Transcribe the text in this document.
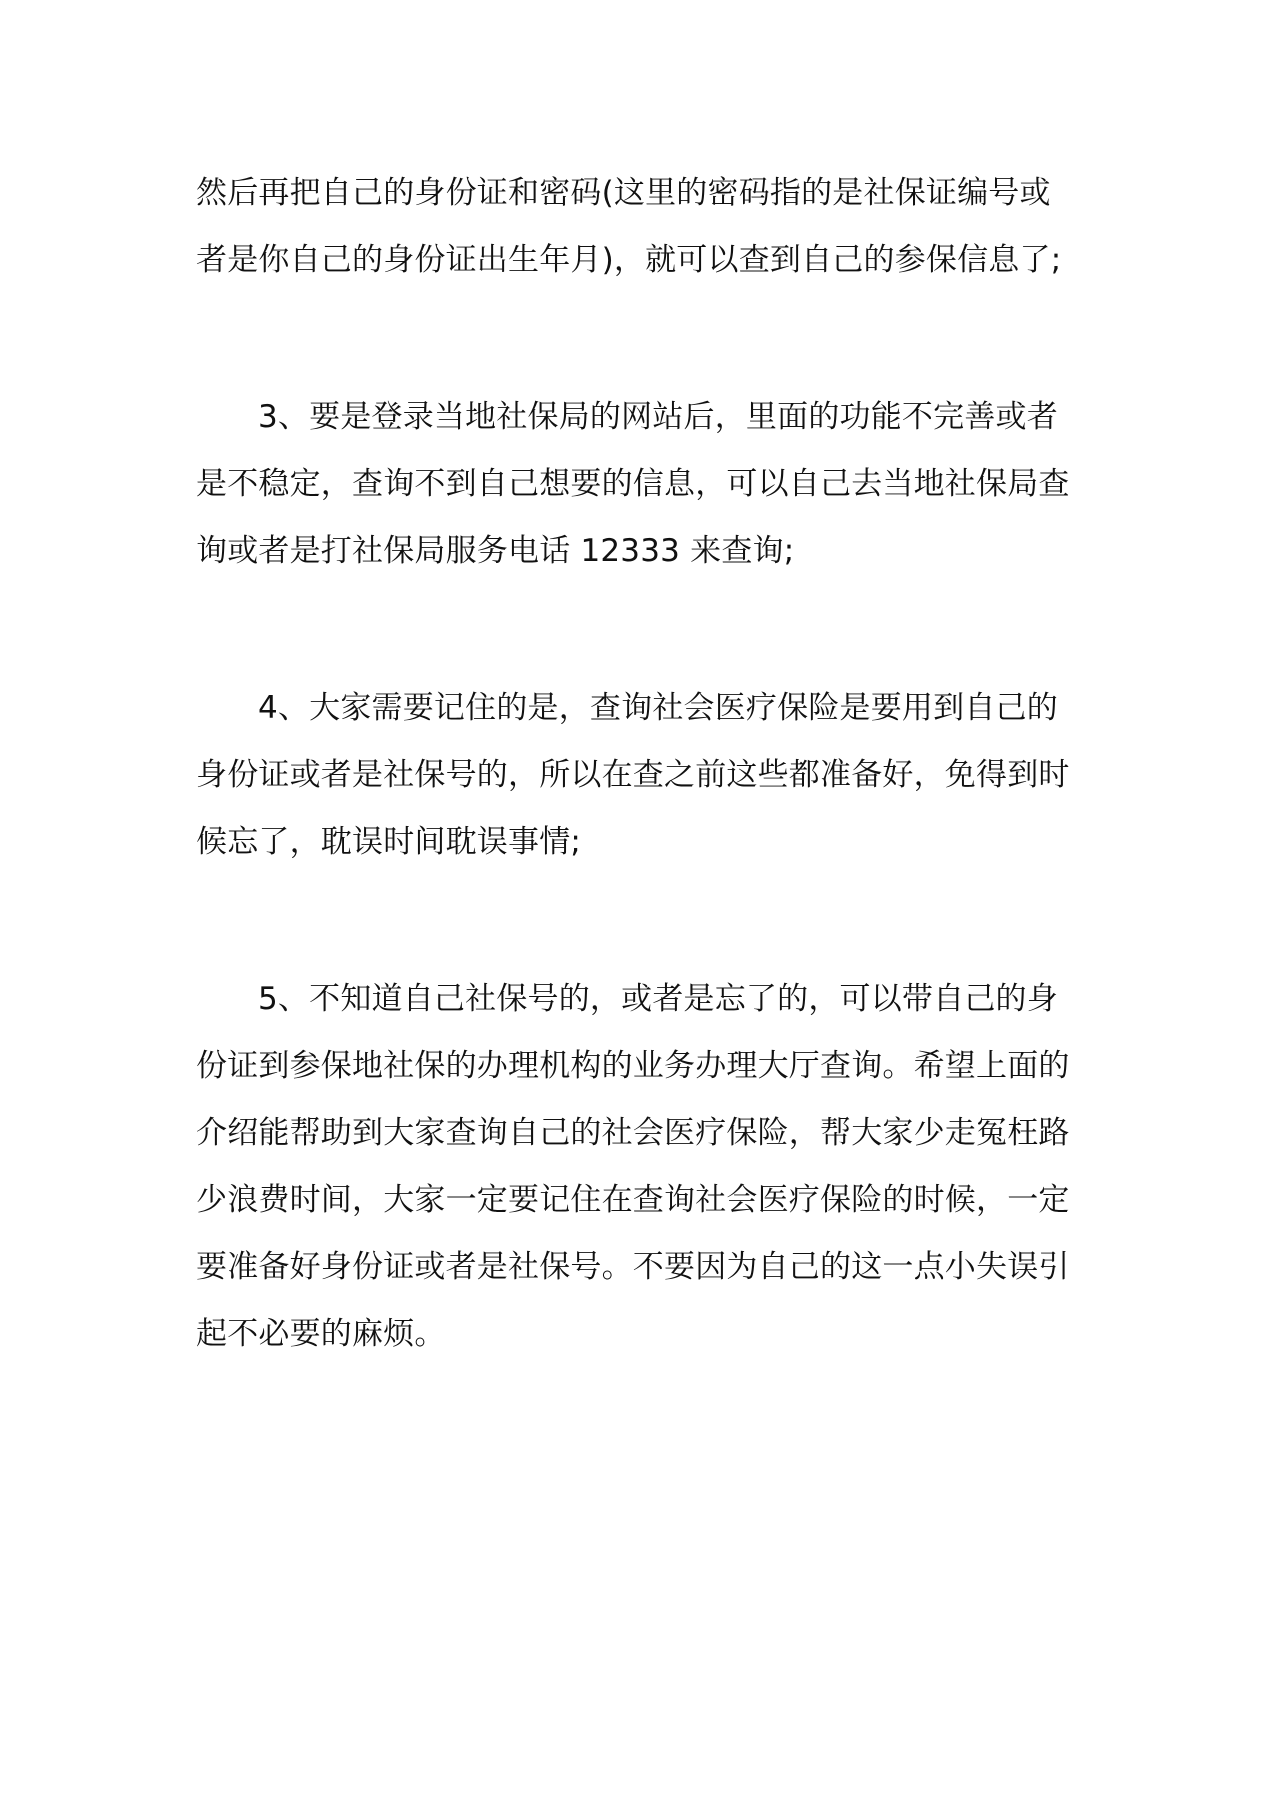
然后再把自己的身份证和密码(这里的密码指的是社保证编号或
者是你自己的身份证出生年月)，就可以查到自己的参保信息了;

3、要是登录当地社保局的网站后，里面的功能不完善或者
是不稳定，查询不到自己想要的信息，可以自己去当地社保局查
询或者是打社保局服务电话 12333 来查询;

4、大家需要记住的是，查询社会医疗保险是要用到自己的
身份证或者是社保号的，所以在查之前这些都准备好，免得到时
候忘了，耽误时间耽误事情;

5、不知道自己社保号的，或者是忘了的，可以带自己的身
份证到参保地社保的办理机构的业务办理大厅查询。希望上面的
介绍能帮助到大家查询自己的社会医疗保险，帮大家少走冤枉路
少浪费时间，大家一定要记住在查询社会医疗保险的时候，一定
要准备好身份证或者是社保号。不要因为自己的这一点小失误引
起不必要的麻烦。
